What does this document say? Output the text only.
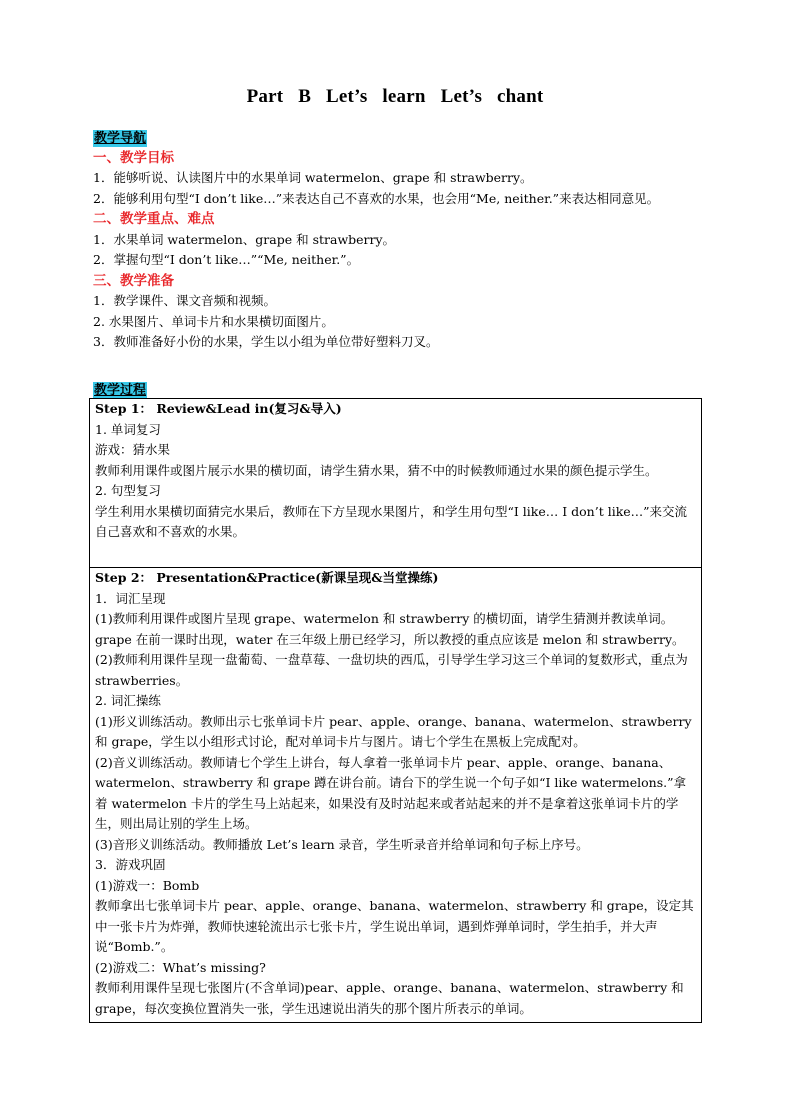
Part B Let’s learn Let’s chant
教学导航
一、教学目标
1．能够听说、认读图片中的水果单词 watermelon、grape 和 strawberry。
2．能够利用句型“I don’t like…”来表达自己不喜欢的水果，也会用“Me, neither.”来表达相同意见。
二、教学重点、难点
1．水果单词 watermelon、grape 和 strawberry。
2．掌握句型“I don’t like…”“Me, neither.”。
三、教学准备
1．教学课件、课文音频和视频。
2. 水果图片、单词卡片和水果横切面图片。
3．教师准备好小份的水果，学生以小组为单位带好塑料刀叉。
教学过程
Step 1： Review&Lead in(复习&导入)
1. 单词复习
游戏：猜水果
教师利用课件或图片展示水果的横切面，请学生猜水果，猜不中的时候教师通过水果的颜色提示学生。
2. 句型复习
学生利用水果横切面猜完水果后，教师在下方呈现水果图片，和学生用句型“I like… I don’t like…”来交流自己喜欢和不喜欢的水果。
Step 2： Presentation&Practice(新课呈现&当堂操练)
1．词汇呈现
(1)教师利用课件或图片呈现 grape、watermelon 和 strawberry 的横切面，请学生猜测并教读单词。grape 在前一课时出现，water 在三年级上册已经学习，所以教授的重点应该是 melon 和 strawberry。
(2)教师利用课件呈现一盘葡萄、一盘草莓、一盘切块的西瓜，引导学生学习这三个单词的复数形式，重点为 strawberries。
2. 词汇操练
(1)形义训练活动。教师出示七张单词卡片 pear、apple、orange、banana、watermelon、strawberry 和 grape，学生以小组形式讨论，配对单词卡片与图片。请七个学生在黑板上完成配对。
(2)音义训练活动。教师请七个学生上讲台，每人拿着一张单词卡片 pear、apple、orange、banana、watermelon、strawberry 和 grape 蹲在讲台前。请台下的学生说一个句子如“I like watermelons.”拿着 watermelon 卡片的学生马上站起来，如果没有及时站起来或者站起来的并不是拿着这张单词卡片的学生，则出局让别的学生上场。
(3)音形义训练活动。教师播放 Let’s learn 录音，学生听录音并给单词和句子标上序号。
3．游戏巩固
(1)游戏一：Bomb
教师拿出七张单词卡片 pear、apple、orange、banana、watermelon、strawberry 和 grape，设定其中一张卡片为炸弹，教师快速轮流出示七张卡片，学生说出单词，遇到炸弹单词时，学生拍手，并大声说“Bomb.”。
(2)游戏二：What’s missing?
教师利用课件呈现七张图片(不含单词)pear、apple、orange、banana、watermelon、strawberry 和 grape，每次变换位置消失一张，学生迅速说出消失的那个图片所表示的单词。
